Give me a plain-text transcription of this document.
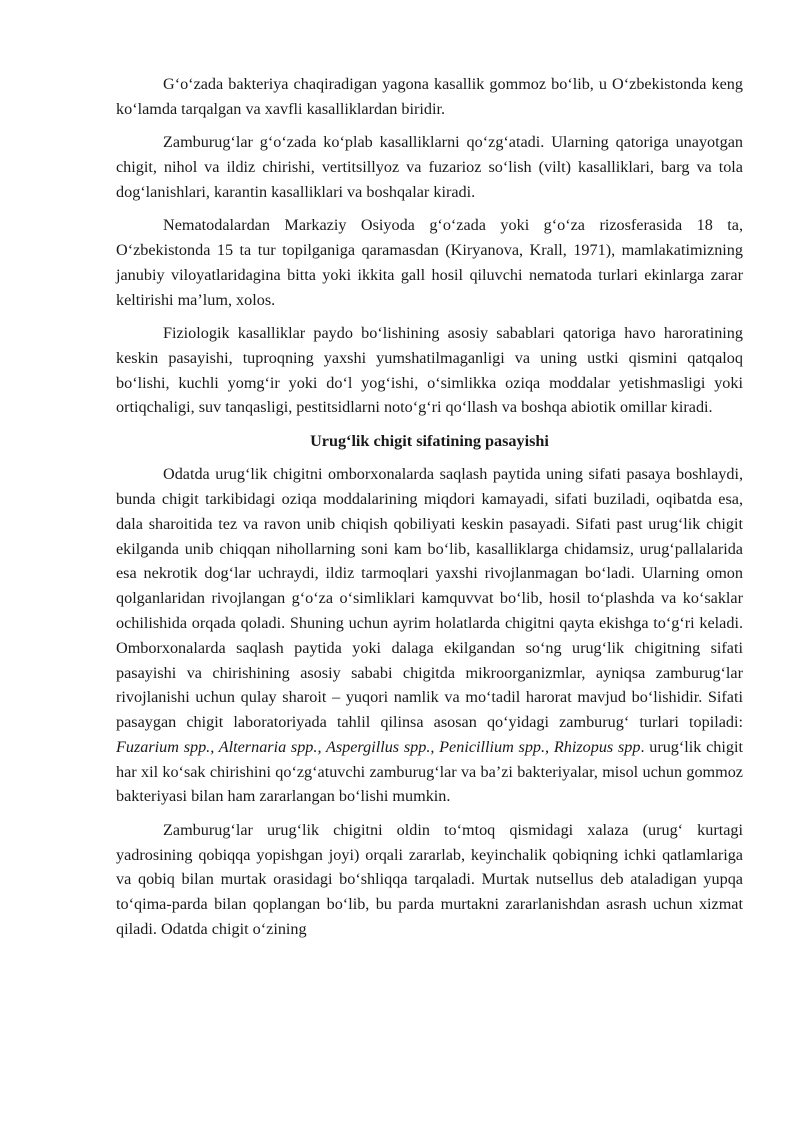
G‘o‘zada bakteriya chaqiradigan yagona kasallik gommoz bo‘lib, u O‘zbekistonda keng ko‘lamda tarqalgan va xavfli kasalliklardan biridir.

Zamburug‘lar g‘o‘zada ko‘plab kasalliklarni qo‘zg‘atadi. Ularning qatoriga unayotgan chigit, nihol va ildiz chirishi, vertitsillyoz va fuzarioz so‘lish (vilt) kasalliklari, barg va tola dog‘lanishlari, karantin kasalliklari va boshqalar kiradi.

Nematodalardan Markaziy Osiyoda g‘o‘zada yoki g‘o‘za rizosferasida 18 ta, O‘zbekistonda 15 ta tur topilganiga qaramasdan (Kiryanova, Krall, 1971), mamlakatimizning janubiy viloyatlaridagina bitta yoki ikkita gall hosil qiluvchi nematoda turlari ekinlarga zarar keltirishi ma’lum, xolos.

Fiziologik kasalliklar paydo bo‘lishining asosiy sabablari qatoriga havo haroratining keskin pasayishi, tuproqning yaxshi yumshatilmaganligi va uning ustki qismini qatqaloq bo‘lishi, kuchli yomg‘ir yoki do‘l yog‘ishi, o‘simlikka oziqa moddalar yetishmasligi yoki ortiqchaligi, suv tanqasligi, pestitsidlarni noto‘g‘ri qo‘llash va boshqa abiotik omillar kiradi.

Urug‘lik chigit sifatining pasayishi

Odatda urug‘lik chigitni omborxonalarda saqlash paytida uning sifati pasaya boshlaydi, bunda chigit tarkibidagi oziqa moddalarining miqdori kamayadi, sifati buziladi, oqibatda esa, dala sharoitida tez va ravon unib chiqish qobiliyati keskin pasayadi. Sifati past urug‘lik chigit ekilganda unib chiqqan nihollarning soni kam bo‘lib, kasalliklarga chidamsiz, urug‘pallalarida esa nekrotik dog‘lar uchraydi, ildiz tarmoqlari yaxshi rivojlanmagan bo‘ladi. Ularning omon qolganlaridan rivojlangan g‘o‘za o‘simliklari kamquvvat bo‘lib, hosil to‘plashda va ko‘saklar ochilishida orqada qoladi. Shuning uchun ayrim holatlarda chigitni qayta ekishga to‘g‘ri keladi. Omborxonalarda saqlash paytida yoki dalaga ekilgandan so‘ng urug‘lik chigitning sifati pasayishi va chirishining asosiy sababi chigitda mikroorganizmlar, ayniqsa zamburug‘lar rivojlanishi uchun qulay sharoit – yuqori namlik va mo‘tadil harorat mavjud bo‘lishidir. Sifati pasaygan chigit laboratoriyada tahlil qilinsa asosan qo‘yidagi zamburug‘ turlari topiladi: Fuzarium spp., Alternaria spp., Aspergillus spp., Penicillium spp., Rhizopus spp. urug‘lik chigit har xil ko‘sak chirishini qo‘zg‘atuvchi zamburug‘lar va ba’zi bakteriyalar, misol uchun gommoz bakteriyasi bilan ham zararlangan bo‘lishi mumkin.

Zamburug‘lar urug‘lik chigitni oldin to‘mtoq qismidagi xalaza (urug‘ kurtagi yadrosining qobiqqa yopishgan joyi) orqali zararlab, keyinchalik qobiqning ichki qatlamlariga va qobiq bilan murtak orasidagi bo‘shliqqa tarqaladi. Murtak nutsellus deb ataladigan yupqa to‘qima-parda bilan qoplangan bo‘lib, bu parda murtakni zararlanishdan asrash uchun xizmat qiladi. Odatda chigit o‘zining
